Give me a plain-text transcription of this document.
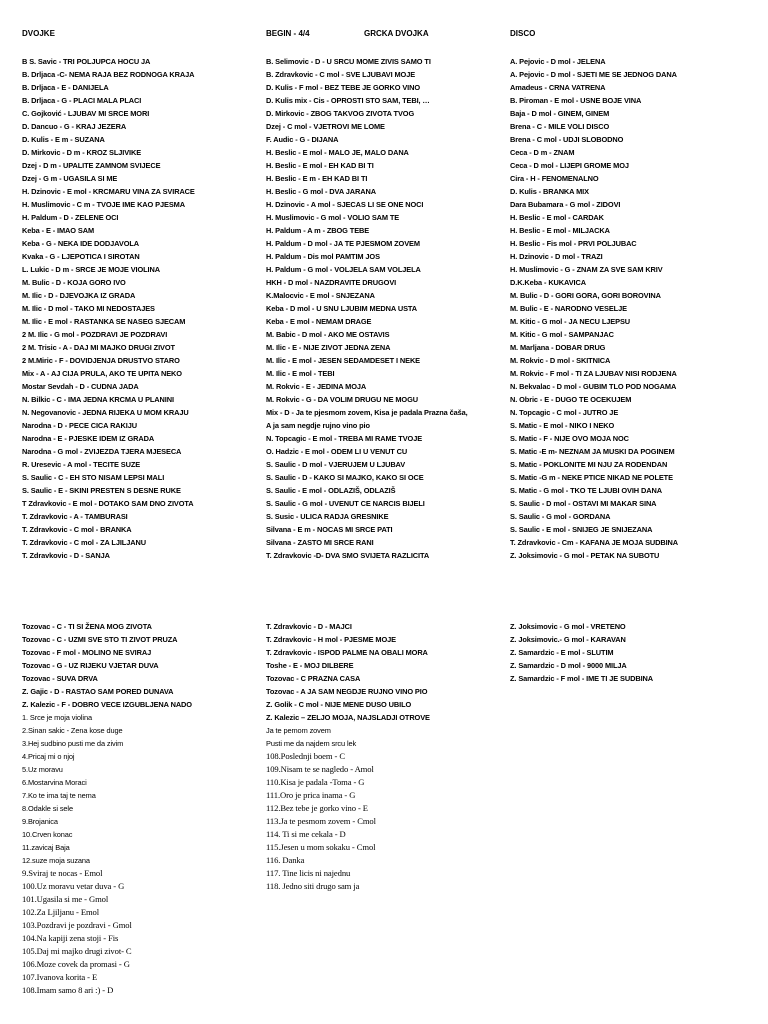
DVOJKE	BEGIN - 4/4	GRCKA DVOJKA	DISCO
B S. Savic - TRI POLJUPCA HOCU JA
B. Drljaca -C- NEMA RAJA BEZ RODNOGA KRAJA
B. Drljaca - E - DANIJELA
B. Drljaca - G - PLACI MALA PLACI
C. Gojković - LJUBAV MI SRCE MORI
D. Dancuo - G - KRAJ JEZERA
D. Kulis - E m - SUZANA
D. Mirkovic - D m - KROZ SLJIVIKE
Dzej - D m - UPALITE ZAMNOM SVIJECE
Dzej - G m - UGASILA SI ME
H. Dzinovic - E mol - KRCMARU VINA ZA SVIRACE
H. Muslimovic - C m - TVOJE IME KAO PJESMA
H. Paldum - D - ZELENE OCI
Keba - E - IMAO SAM
Keba - G - NEKA IDE DODJAVOLA
Kvaka - G - LJEPOTICA I SIROTAN
L. Lukic - D m - SRCE JE MOJE VIOLINA
M. Bulic - D - KOJA GORO IVO
M. Ilic - D - DJEVOJKA IZ GRADA
M. Ilic - D mol - TAKO MI NEDOSTAJES
M. Ilic - E mol - RASTANKA SE NASEG SJECAM
2 M. Ilic - G mol - POZDRAVI JE POZDRAVI
2 M. Trisic - A - DAJ MI MAJKO DRUGI ZIVOT
2 M.Miric - F - DOVIDJENJA DRUSTVO STARO
Mix - A - AJ CIJA PRULA, AKO TE UPITA NEKO
Mostar Sevdah - D - CUDNA JADA
N. Bilkic - C - IMA JEDNA KRCMA U PLANINI
N. Negovanovic - JEDNA RIJEKA U MOM KRAJU
Narodna - D - PECE CICA RAKIJU
Narodna - E - PJESKE IDEM IZ GRADA
Narodna - G mol - ZVIJEZDA TJERA MJESECA
R. Uresevic - A mol - TECITE SUZE
S. Saulic - C - EH STO NISAM LEPSI MALI
S. Saulic - E - SKINI PRESTEN S DESNE RUKE
T Zdravkovic - E mol - DOTAKO SAM DNO ZIVOTA
T. Zdravkovic - A - TAMBURASI
T. Zdravkovic - C mol - BRANKA
T. Zdravkovic - C mol - ZA LJILJANU
T. Zdravkovic - D - SANJA
B. Selimovic - D - U SRCU MOME ZIVIS SAMO TI
B. Zdravkovic - C mol - SVE LJUBAVI MOJE
D. Kulis - F mol - BEZ TEBE JE GORKO VINO
D. Kulis mix - Cis - OPROSTI STO SAM, TEBI, …
D. Mirkovic - ZBOG TAKVOG ZIVOTA TVOG
Dzej - C mol - VJETROVI ME LOME
F. Audic - G - DIJANA
H. Beslic - E mol - MALO JE, MALO DANA
H. Beslic - E mol - EH KAD BI TI
H. Beslic - E m - EH KAD BI TI
H. Beslic - G mol - DVA JARANA
H. Dzinovic - A mol - SJECAS LI SE ONE NOCI
H. Muslimovic - G mol - VOLIO SAM TE
H. Paldum - A m - ZBOG TEBE
H. Paldum - D mol - JA TE PJESMOM ZOVEM
H. Paldum - Dis mol PAMTIM JOS
H. Paldum - G mol - VOLJELA SAM VOLJELA
HKH - D mol - NAZDRAVITE DRUGOVI
K.Malocvic - E mol - SNJEZANA
Keba - D mol - U SNU LJUBIM MEDNA USTA
Keba - E mol - NEMAM DRAGE
M. Babic - D mol - AKO ME OSTAVIS
M. Ilic - E - NIJE ZIVOT JEDNA ZENA
M. Ilic - E mol - JESEN SEDAMDESET I NEKE
M. Ilic - E mol - TEBI
M. Rokvic - E - JEDINA MOJA
M. Rokvic - G - DA VOLIM DRUGU NE MOGU
Mix - D - Ja te pjesmom zovem, Kisa je padala Prazna čaša,
A ja sam negdje rujno vino pio
N. Topcagic - E mol - TREBA MI RAME TVOJE
O. Hadzic - E mol - ODEM LI U VENUT CU
S. Saulic - D mol - VJERUJEM U LJUBAV
S. Saulic - D - KAKO SI MAJKO, KAKO SI OCE
S. Saulic - E mol - ODLAZIŠ, ODLAZIŠ
S. Saulic - G mol - UVENUT CE NARCIS BIJELI
S. Susic - ULICA RADJA GRESNIKE
Silvana - E m - NOCAS MI SRCE PATI
Silvana - ZASTO MI SRCE RANI
T. Zdravkovic -D- DVA SMO SVIJETA RAZLICITA
A. Pejovic - D mol - JELENA
A. Pejovic - D mol - SJETI ME SE JEDNOG DANA
Amadeus - CRNA VATRENA
B. Piroman - E mol - USNE BOJE VINA
Baja - D mol - GINEM, GINEM
Brena - C - MILE VOLI DISCO
Brena - C mol - UDJI SLOBODNO
Ceca - D m - ZNAM
Ceca - D mol - LIJEPI GROME MOJ
Cira - H - FENOMENALNO
D. Kulis - BRANKA MIX
Dara Bubamara - G mol - ZIDOVI
H. Beslic - E mol - CARDAK
H. Beslic - E mol - MILJACKA
H. Beslic - Fis mol - PRVI POLJUBAC
H. Dzinovic - D mol - TRAZI
H. Muslimovic - G - ZNAM ZA SVE SAM KRIV
D.K.Keba - KUKAVICA
M. Bulic - D - GORI GORA, GORI BOROVINA
M. Bulic - E - NARODNO VESELJE
M. Kitic - G mol - JA NECU LJEPSU
M. Kitic - G mol - SAMPANJAC
M. Marljana - DOBAR DRUG
M. Rokvic - D mol - SKITNICA
M. Rokvic - F mol - TI ZA LJUBAV NISI RODJENA
N. Bekvalac - D mol - GUBIM TLO POD NOGAMA
N. Obric - E - DUGO TE OCEKUJEM
N. Topcagic - C mol - JUTRO JE
S. Matic - E mol - NIKO I NEKO
S. Matic - F - NIJE OVO MOJA NOC
S. Matic -E m- NEZNAM JA MUSKI DA POGINEM
S. Matic - POKLONITE MI NJU ZA RODENDAN
S. Matic -G m - NEKE PTICE NIKAD NE POLETE
S. Matic - G mol - TKO TE LJUBI OVIH DANA
S. Saulic - D mol - OSTAVI MI MAKAR SINA
S. Saulic - G mol - GORDANA
S. Saulic - E mol - SNIJEG JE SNIJEZANA
T. Zdravkovic - Cm - KAFANA JE MOJA SUDBINA
Z. Joksimovic - G mol - PETAK NA SUBOTU
Tozovac - C - TI SI ŽENA MOG ZIVOTA
Tozovac - C - UZMI SVE STO TI ZIVOT PRUZA
Tozovac - F mol - MOLINO NE SVIRAJ
Tozovac - G - UZ RIJEKU VJETAR DUVA
Tozovac - SUVA DRVA
Z. Gajic - D - RASTAO SAM PORED DUNAVA
Z. Kalezic - F - DOBRO VECE IZGUBLJENA NADO
1. Srce je moja violina
2.Sinan sakic - Zena kose duge
3.Hej sudbino pusti me da zivim
4.Pricaj mi o njoj
5.Uz moravu
6.Mostarvina Moraci
7.Ko te ima taj te nema
8.Odakle si sele
9.Brojanica
10.Crven konac
11.zavicaj Baja
12.suze moja suzana
9.Sviraj te nocas - Emol
100.Uz moravu vetar duva - G
101.Ugasila si me - Gmol
102.Za Ljiljanu - Emol
103.Pozdravi je pozdravi - Gmol
104.Na kapiji zena stoji - Fis
105.Daj mi majko drugi zivot- C
106.Moze covek da promasi - G
107.Ivanova korita - E
108.Imam samo 8 ari :) - D
T. Zdravkovic - D - MAJCI
T. Zdravkovic - H mol - PJESME MOJE
T. Zdravkovic - ISPOD PALME NA OBALI MORA
Toshe - E - MOJ DILBERE
Tozovac - C PRAZNA CASA
Tozovac - A JA SAM NEGDJE RUJNO VINO PIO
Z. Golik - C mol - NIJE MENE DUSO UBILO
Z. Kalezic – ZELJO MOJA, NAJSLADJI OTROVE
Ja te pemom zovem
Pusti me da najdem srcu lek
108.Poslednji boem - C
109.Nisam te se nagledo - Amol
110.Kisa je padala -Toma - G
111.Oro je prica inama - G
112.Bez tebe je gorko vino - E
113.Ja te pesmom zovem - Cmol
114. Ti si me cekala - D
115.Jesen u mom sokaku - Cmol
116. Danka
117. Tine licis ni najednu
118. Jedno siti drugo sam ja
Z. Joksimovic - G mol - VRETENO
Z. Joksimovic.- G mol - KARAVAN
Z. Samardzic - E mol - SLUTIM
Z. Samardzic - D mol - 9000 MILJA
Z. Samardzic - F mol - IME TI JE SUDBINA
